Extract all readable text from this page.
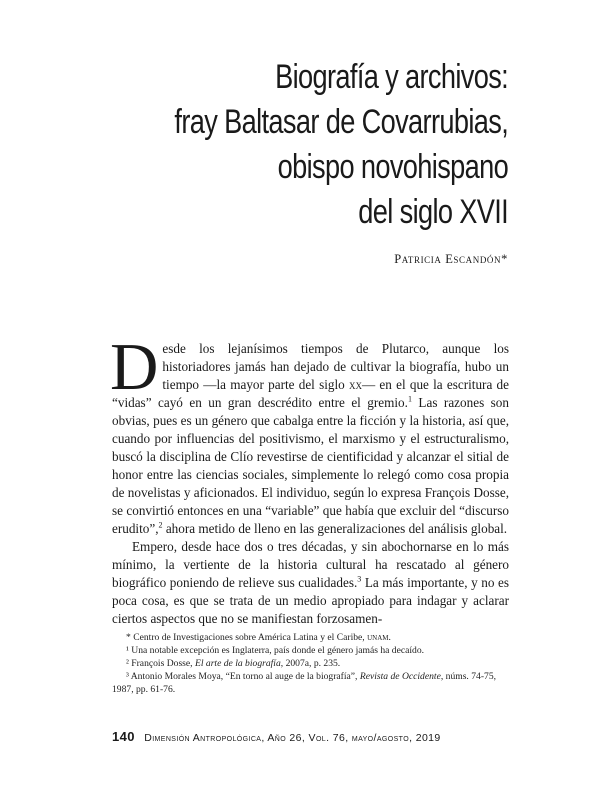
Biografía y archivos:
fray Baltasar de Covarrubias,
obispo novohispano
del siglo XVII
Patricia Escandón*

Desde los lejanísimos tiempos de Plutarco, aunque los historiadores jamás han dejado de cultivar la biografía, hubo un tiempo —la mayor parte del siglo xx— en el que la escritura de “vidas” cayó en un gran descrédito entre el gremio.$^1$ Las razones son obvias, pues es un género que cabalga entre la ficción y la historia, así que, cuando por influencias del positivismo, el marxismo y el estructuralismo, buscó la disciplina de Clío revestirse de cientificidad y alcanzar el sitial de honor entre las ciencias sociales, simplemente lo relegó como cosa propia de novelistas y aficionados. El individuo, según lo expresa François Dosse, se convirtió entonces en una “variable” que había que excluir del “discurso erudito”,$^2$ ahora metido de lleno en las generalizaciones del análisis global.

Empero, desde hace dos o tres décadas, y sin abochornarse en lo más mínimo, la vertiente de la historia cultural ha rescatado al género biográfico poniendo de relieve sus cualidades.$^3$ La más importante, y no es poca cosa, es que se trata de un medio apropiado para indagar y aclarar ciertos aspectos que no se manifiestan forzosamen-

* Centro de Investigaciones sobre América Latina y el Caribe, unam.
¹ Una notable excepción es Inglaterra, país donde el género jamás ha decaído.
² François Dosse, El arte de la biografía, 2007a, p. 235.
³ Antonio Morales Moya, “En torno al auge de la biografía”, Revista de Occidente, núms. 74-75, 1987, pp. 61-76.
140 Dimensión Antropológica, Año 26, Vol. 76, mayo/agosto, 2019
